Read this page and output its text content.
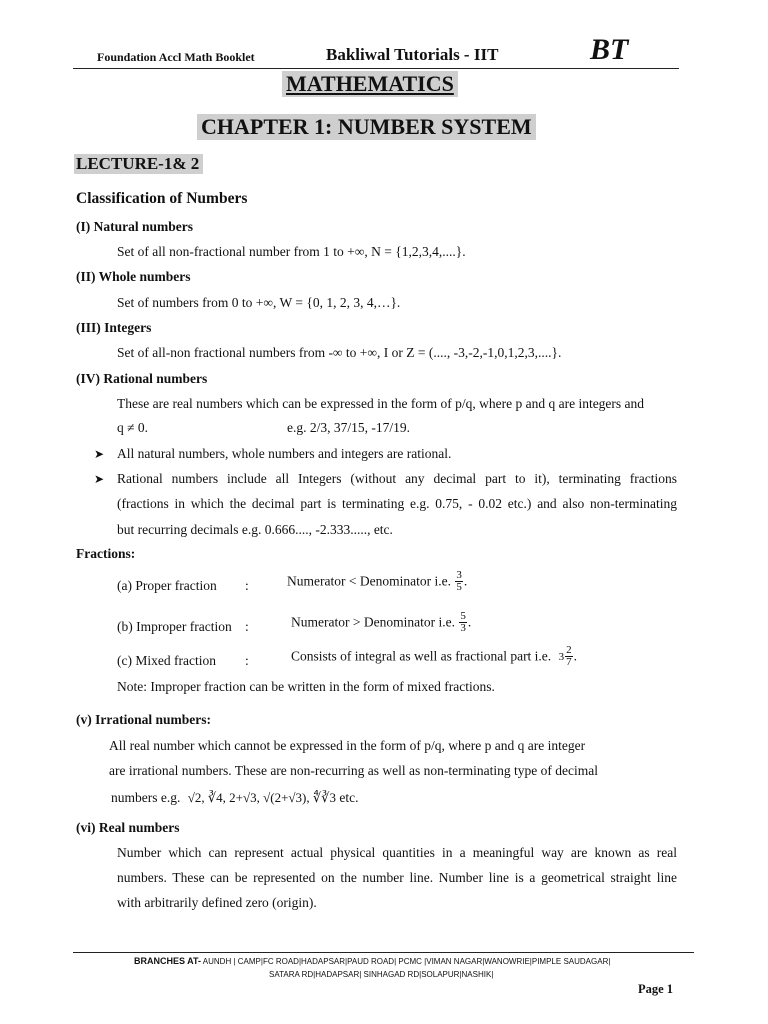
Foundation Accl Math Booklet	Bakliwal Tutorials - IIT	BT
MATHEMATICS
CHAPTER 1: NUMBER SYSTEM
LECTURE-1& 2
Classification of Numbers
(I) Natural numbers
Set of all non-fractional number from 1 to +∞, N = {1,2,3,4,....}.
(II) Whole numbers
Set of numbers from 0 to +∞, W = {0, 1, 2, 3, 4,…}.
(III) Integers
Set of all-non fractional numbers from -∞ to +∞, I or Z = (...., -3,-2,-1,0,1,2,3,....}.
(IV) Rational numbers
These are real numbers which can be expressed in the form of p/q, where p and q are integers and
q ≠ 0.	e.g. 2/3, 37/15, -17/19.
➤ All natural numbers, whole numbers and integers are rational.
➤ Rational numbers include all Integers (without any decimal part to it), terminating fractions
(fractions in which the decimal part is terminating e.g. 0.75, - 0.02 etc.) and also non-terminating
but recurring decimals e.g. 0.666...., -2.333....., etc.
Fractions:
(a) Proper fraction :	Numerator < Denominator i.e. $\frac{3}{5}$ .
(b) Improper fraction :	Numerator > Denominator i.e. $\frac{5}{3}$ .
(c) Mixed fraction :	Consists of integral as well as fractional part i.e. $3 \frac{2}{7}$ .
Note: Improper fraction can be written in the form of mixed fractions.
(v) Irrational numbers:
All real number which cannot be expressed in the form of p/q, where p and q are integer
are irrational numbers. These are non-recurring as well as non-terminating type of decimal
numbers e.g. √2, ∛4, 2+√3, √(2+√3), ∜∛3 etc.
(vi) Real numbers
Number which can represent actual physical quantities in a meaningful way are known as real
numbers. These can be represented on the number line. Number line is a geometrical straight line
with arbitrarily defined zero (origin).
BRANCHES AT- AUNDH | CAMP|FC ROAD|HADAPSAR|PAUD ROAD| PCMC |VIMAN NAGAR|WANOWRIE|PIMPLE SAUDAGAR|
SATARA RD|HADAPSAR| SINHAGAD RD|SOLAPUR|NASHIK|
Page 1
